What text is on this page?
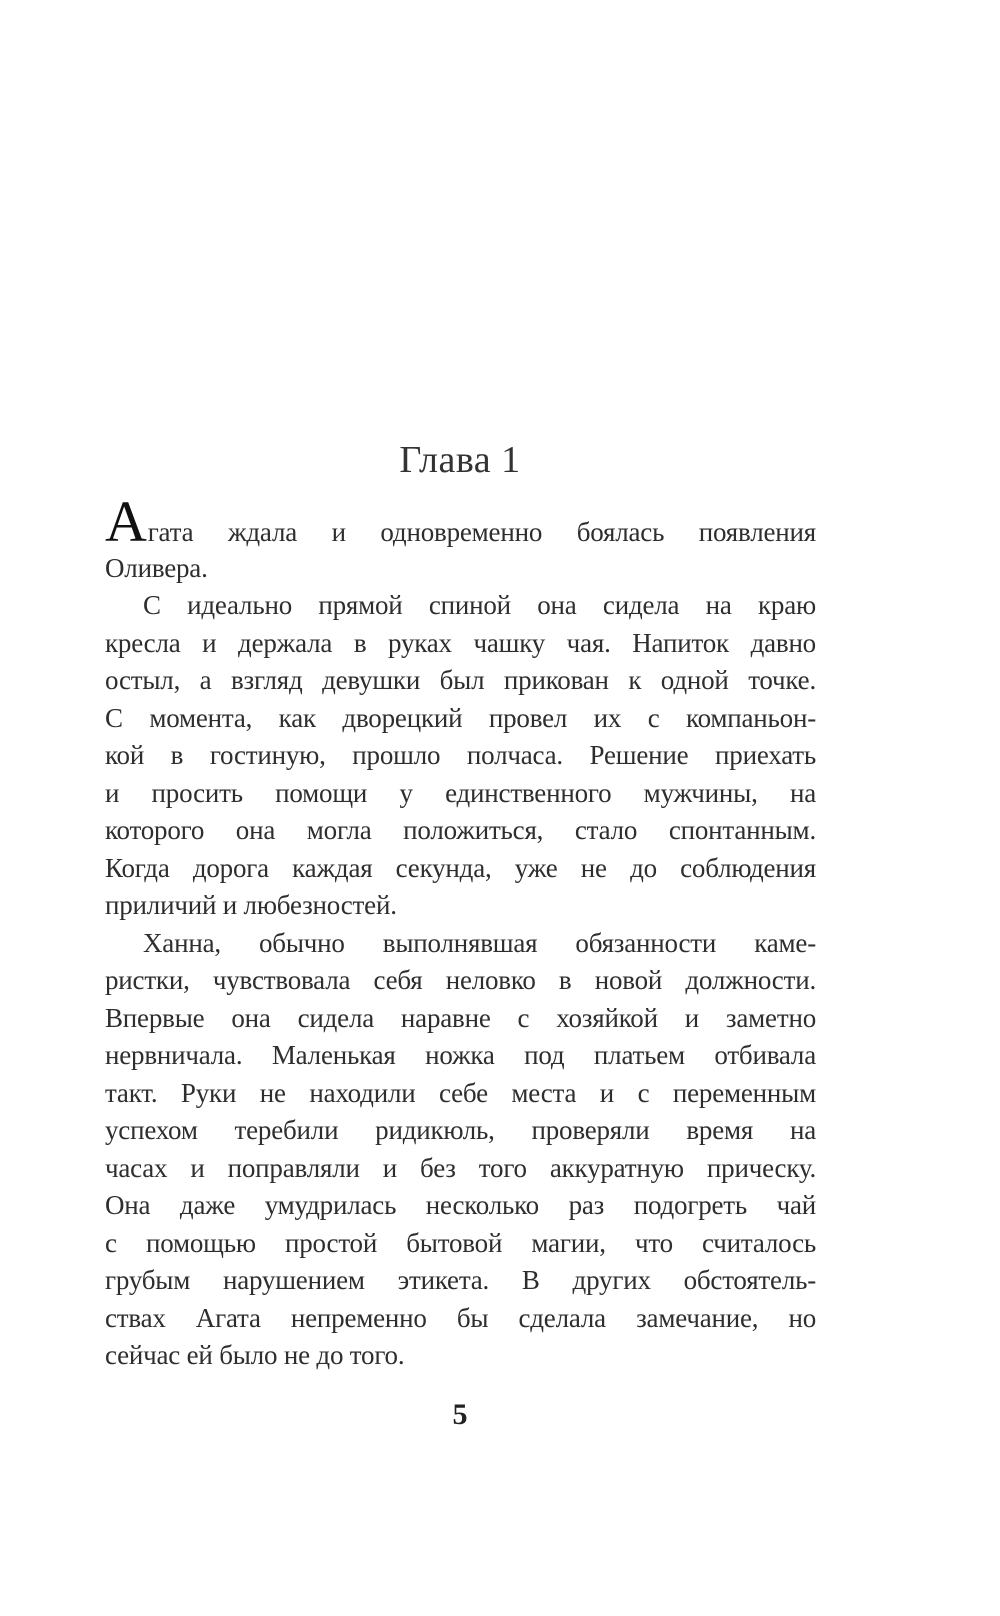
Глава 1
Агата ждала и одновременно боялась появления
Оливера.
С идеально прямой спиной она сидела на краю
кресла и держала в руках чашку чая. Напиток давно
остыл, а взгляд девушки был прикован к одной точке.
С момента, как дворецкий провел их с компаньон-
кой в гостиную, прошло полчаса. Решение приехать
и просить помощи у единственного мужчины, на
которого она могла положиться, стало спонтанным.
Когда дорога каждая секунда, уже не до соблюдения
приличий и любезностей.
Ханна, обычно выполнявшая обязанности каме-
ристки, чувствовала себя неловко в новой должности.
Впервые она сидела наравне с хозяйкой и заметно
нервничала. Маленькая ножка под платьем отбивала
такт. Руки не находили себе места и с переменным
успехом теребили ридикюль, проверяли время на
часах и поправляли и без того аккуратную прическу.
Она даже умудрилась несколько раз подогреть чай
с помощью простой бытовой магии, что считалось
грубым нарушением этикета. В других обстоятель-
ствах Агата непременно бы сделала замечание, но
сейчас ей было не до того.
5
